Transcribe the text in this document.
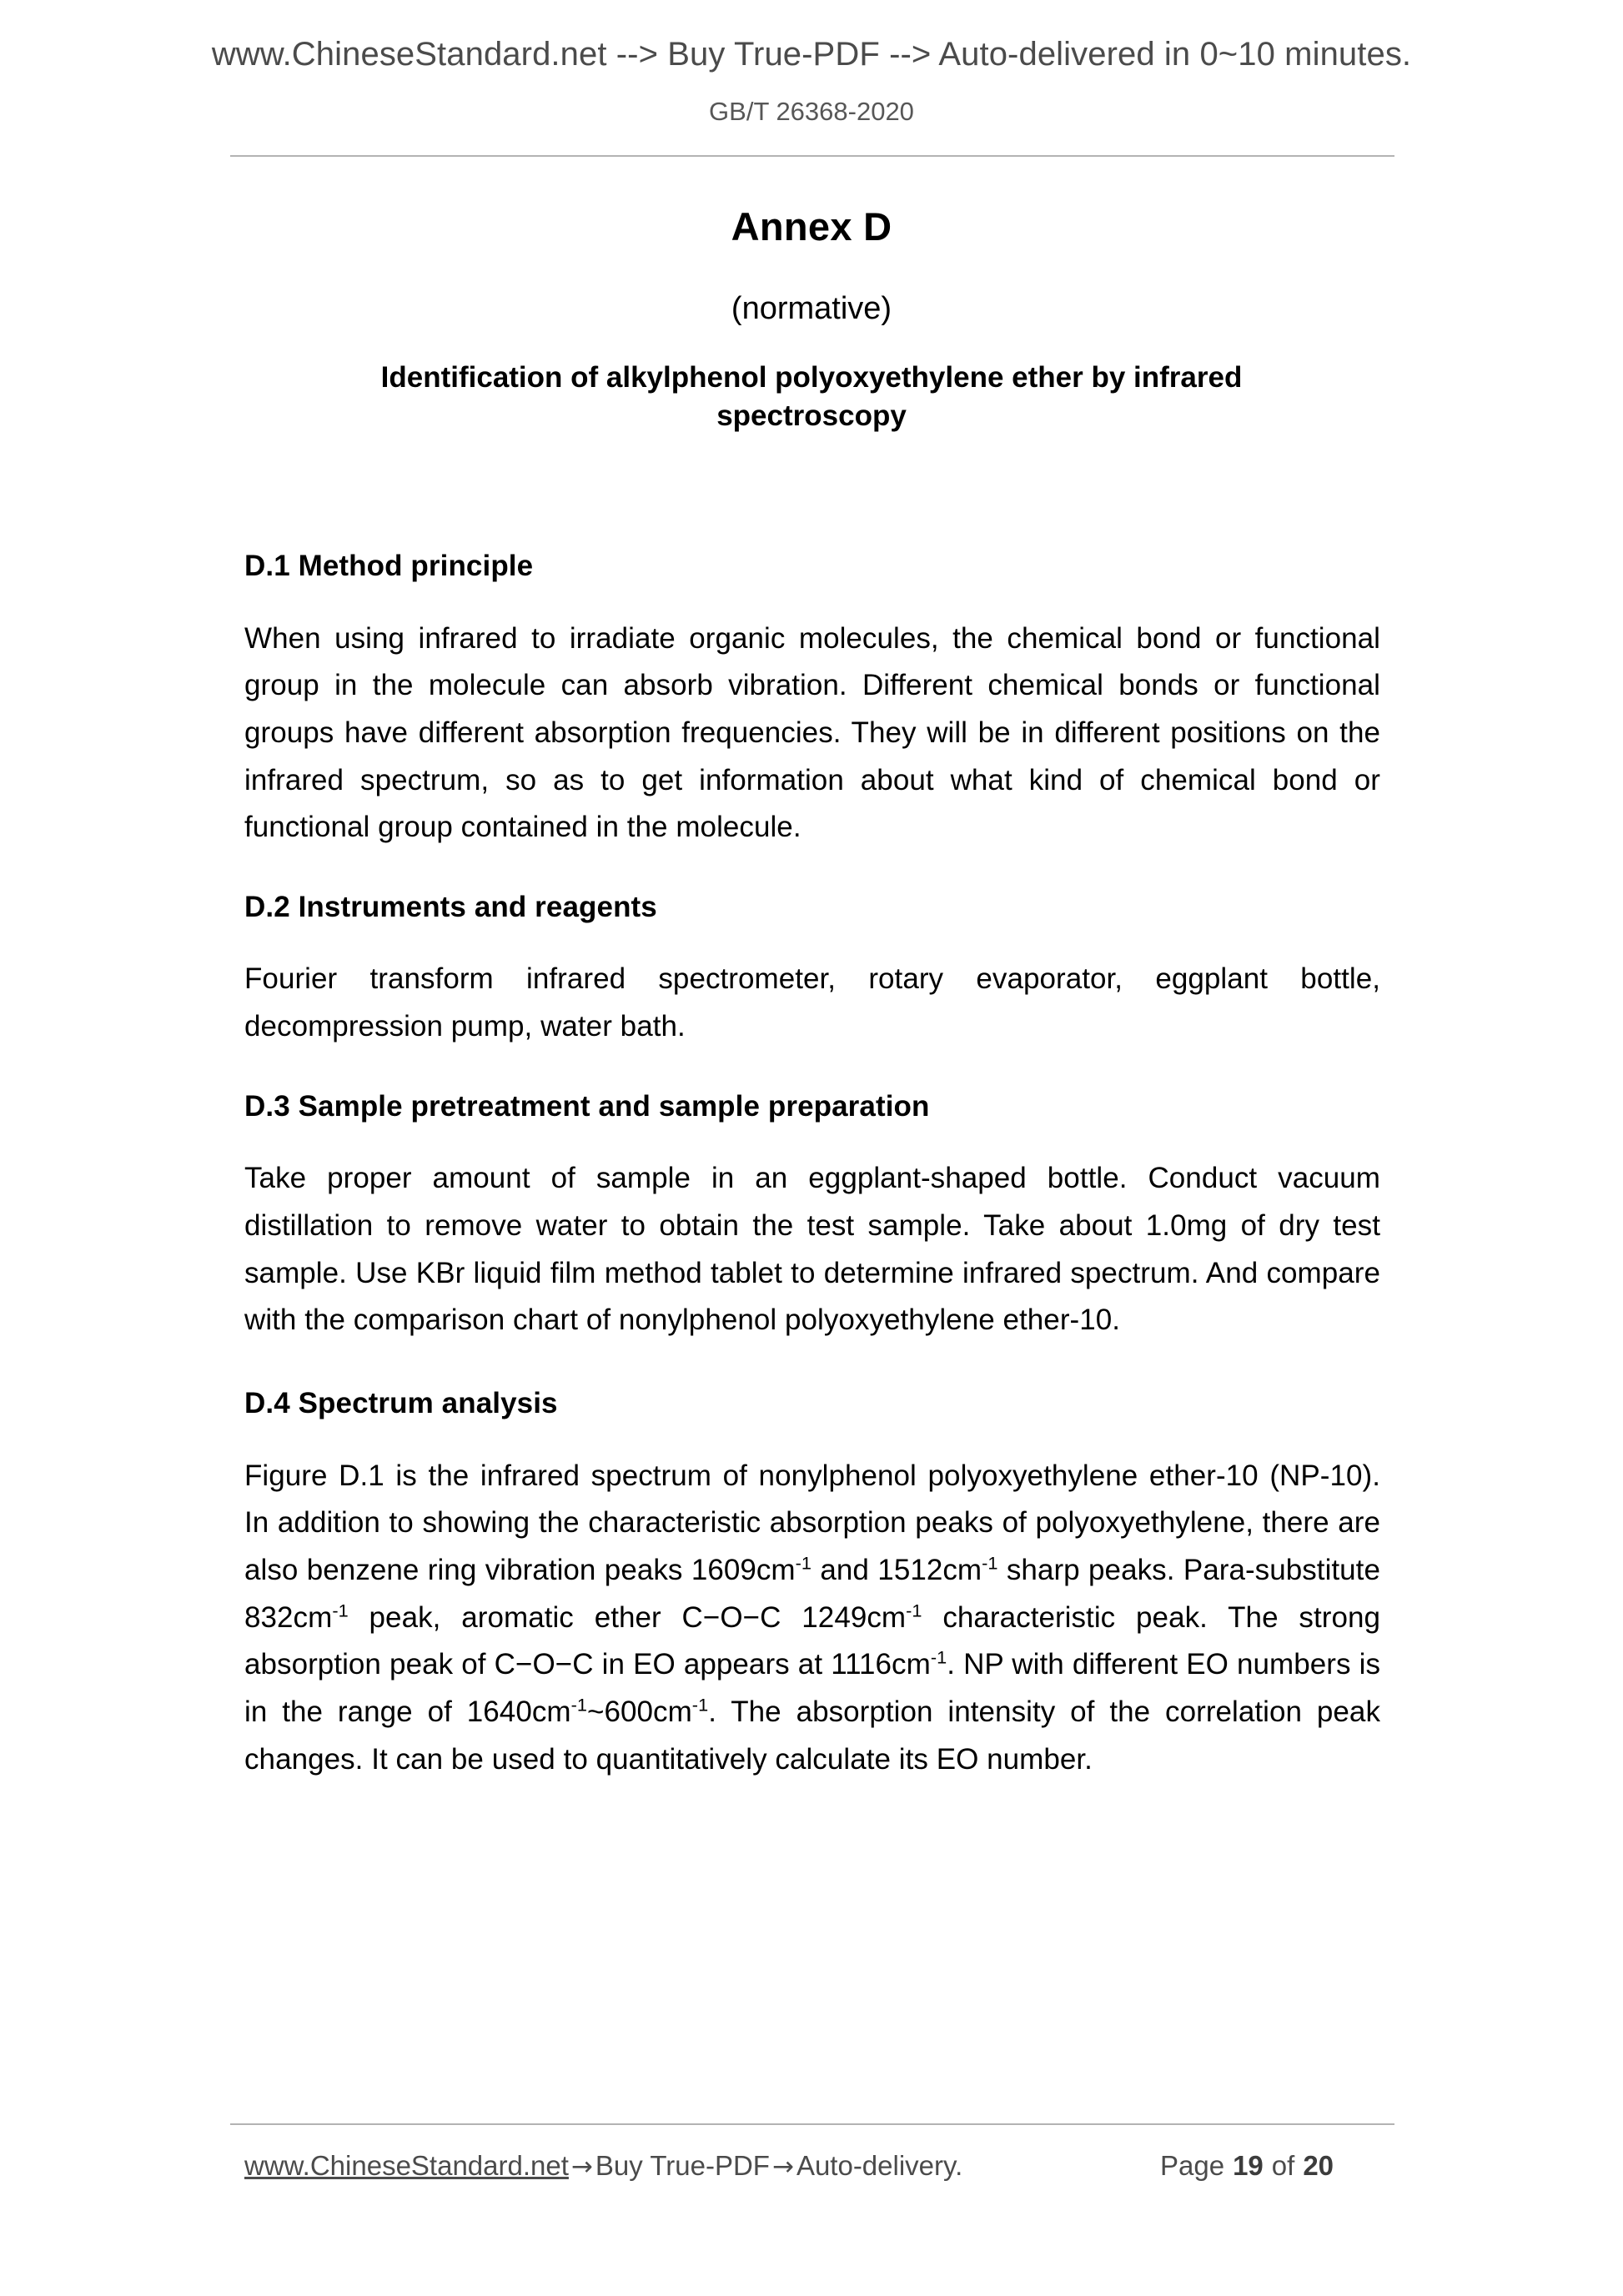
www.ChineseStandard.net --> Buy True-PDF --> Auto-delivered in 0~10 minutes.
GB/T 26368-2020
Annex D
(normative)
Identification of alkylphenol polyoxyethylene ether by infrared spectroscopy
D.1 Method principle

When using infrared to irradiate organic molecules, the chemical bond or functional group in the molecule can absorb vibration. Different chemical bonds or functional groups have different absorption frequencies. They will be in different positions on the infrared spectrum, so as to get information about what kind of chemical bond or functional group contained in the molecule.

D.2 Instruments and reagents

Fourier transform infrared spectrometer, rotary evaporator, eggplant bottle, decompression pump, water bath.

D.3 Sample pretreatment and sample preparation

Take proper amount of sample in an eggplant-shaped bottle. Conduct vacuum distillation to remove water to obtain the test sample. Take about 1.0mg of dry test sample. Use KBr liquid film method tablet to determine infrared spectrum. And compare with the comparison chart of nonylphenol polyoxyethylene ether-10.

D.4 Spectrum analysis

Figure D.1 is the infrared spectrum of nonylphenol polyoxyethylene ether-10 (NP-10). In addition to showing the characteristic absorption peaks of polyoxyethylene, there are also benzene ring vibration peaks $1609cm^{-1}$ and $1512cm^{-1}$ sharp peaks. Para-substitute $832cm^{-1}$ peak, aromatic ether C−O−C $1249cm^{-1}$ characteristic peak. The strong absorption peak of C−O−C in EO appears at $1116cm^{-1}$. NP with different EO numbers is in the range of $1640cm^{-1}\sim 600cm^{-1}$. The absorption intensity of the correlation peak changes. It can be used to quantitatively calculate its EO number.

www.ChineseStandard.net→Buy True-PDF→Auto-delivery.	Page 19 of 20
